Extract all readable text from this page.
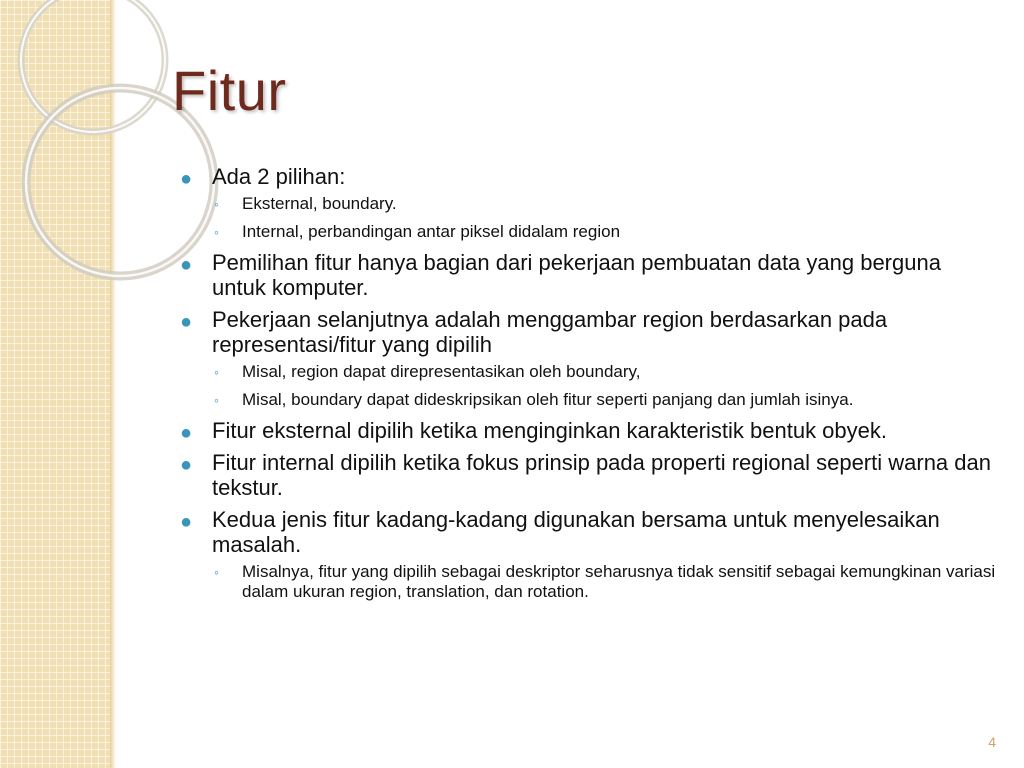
Fitur
● Ada 2 pilihan:
◦ Eksternal, boundary.
◦ Internal, perbandingan antar piksel didalam region
● Pemilihan fitur hanya bagian dari pekerjaan pembuatan data yang berguna untuk komputer.
● Pekerjaan selanjutnya adalah menggambar region berdasarkan pada representasi/fitur yang dipilih
◦ Misal, region dapat direpresentasikan oleh boundary,
◦ Misal, boundary dapat dideskripsikan oleh fitur seperti panjang dan jumlah isinya.
● Fitur eksternal dipilih ketika menginginkan karakteristik bentuk obyek.
● Fitur internal dipilih ketika fokus prinsip pada properti regional seperti warna dan tekstur.
● Kedua jenis fitur kadang-kadang digunakan bersama untuk menyelesaikan masalah.
◦ Misalnya, fitur yang dipilih sebagai deskriptor seharusnya tidak sensitif sebagai kemungkinan variasi dalam ukuran region, translation, dan rotation.
4
